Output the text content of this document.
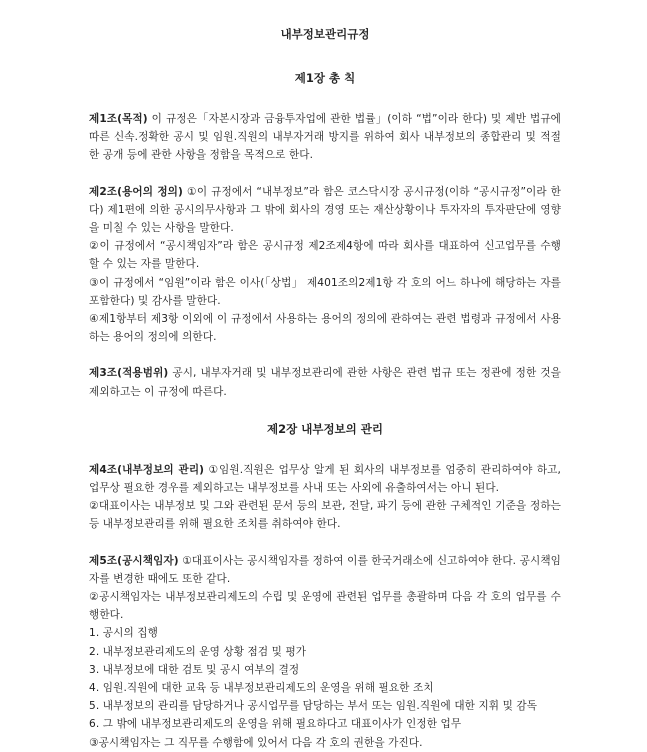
내부정보관리규정
제1장 총 칙

제1조(목적) 이 규정은「자본시장과 금융투자업에 관한 법률」(이하 “법”이라 한다) 및 제반 법규에 따른 신속.정확한 공시 및 임원.직원의 내부자거래 방지를 위하여 회사 내부정보의 종합관리 및 적절한 공개 등에 관한 사항을 정함을 목적으로 한다.

제2조(용어의 정의) ①이 규정에서 “내부정보”라 함은 코스닥시장 공시규정(이하 “공시규정”이라 한다) 제1편에 의한 공시의무사항과 그 밖에 회사의 경영 또는 재산상황이나 투자자의 투자판단에 영향을 미칠 수 있는 사항을 말한다.

②이 규정에서 “공시책임자”라 함은 공시규정 제2조제4항에 따라 회사를 대표하여 신고업무를 수행할 수 있는 자를 말한다.

③이 규정에서 “임원”이라 함은 이사(「상법」 제401조의2제1항 각 호의 어느 하나에 해당하는 자를 포함한다) 및 감사를 말한다.

④제1항부터 제3항 이외에 이 규정에서 사용하는 용어의 정의에 관하여는 관련 법령과 규정에서 사용하는 용어의 정의에 의한다.

제3조(적용범위) 공시, 내부자거래 및 내부정보관리에 관한 사항은 관련 법규 또는 정관에 정한 것을 제외하고는 이 규정에 따른다.

제2장 내부정보의 관리

제4조(내부정보의 관리) ①임원.직원은 업무상 알게 된 회사의 내부정보를 엄중히 관리하여야 하고, 업무상 필요한 경우를 제외하고는 내부정보를 사내 또는 사외에 유출하여서는 아니 된다.

②대표이사는 내부정보 및 그와 관련된 문서 등의 보관, 전달, 파기 등에 관한 구체적인 기준을 정하는 등 내부정보관리를 위해 필요한 조치를 취하여야 한다.

제5조(공시책임자) ①대표이사는 공시책임자를 정하여 이를 한국거래소에 신고하여야 한다. 공시책임자를 변경한 때에도 또한 같다.

②공시책임자는 내부정보관리제도의 수립 및 운영에 관련된 업무를 총괄하며 다음 각 호의 업무를 수행한다.

1. 공시의 집행

2. 내부정보관리제도의 운영 상황 점검 및 평가

3. 내부정보에 대한 검토 및 공시 여부의 결정

4. 임원.직원에 대한 교육 등 내부정보관리제도의 운영을 위해 필요한 조치

5. 내부정보의 관리를 담당하거나 공시업무를 담당하는 부서 또는 임원.직원에 대한 지휘 및 감독

6. 그 밖에 내부정보관리제도의 운영을 위해 필요하다고 대표이사가 인정한 업무

③공시책임자는 그 직무를 수행함에 있어서 다음 각 호의 권한을 가진다.
